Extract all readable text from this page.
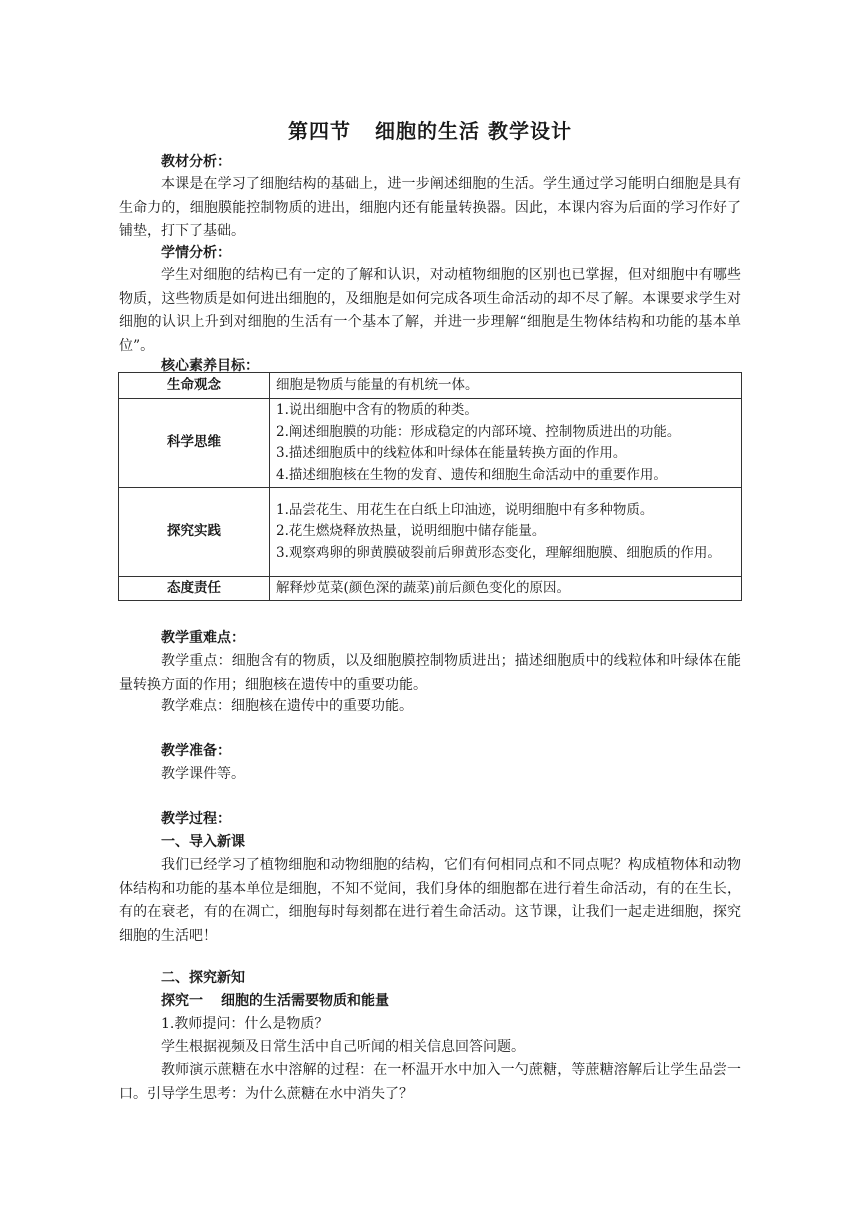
第四节 细胞的生活 教学设计
教材分析：
本课是在学习了细胞结构的基础上，进一步阐述细胞的生活。学生通过学习能明白细胞是具有生命力的，细胞膜能控制物质的进出，细胞内还有能量转换器。因此，本课内容为后面的学习作好了铺垫，打下了基础。
学情分析：
学生对细胞的结构已有一定的了解和认识，对动植物细胞的区别也已掌握，但对细胞中有哪些物质，这些物质是如何进出细胞的，及细胞是如何完成各项生命活动的却不尽了解。本课要求学生对细胞的认识上升到对细胞的生活有一个基本了解，并进一步理解“细胞是生物体结构和功能的基本单位”。
核心素养目标：
生命观念	细胞是物质与能量的有机统一体。

科学思维	1.说出细胞中含有的物质的种类。
2.阐述细胞膜的功能：形成稳定的内部环境、控制物质进出的功能。
3.描述细胞质中的线粒体和叶绿体在能量转换方面的作用。
4.描述细胞核在生物的发育、遗传和细胞生命活动中的重要作用。

探究实践	1.品尝花生、用花生在白纸上印油迹，说明细胞中有多种物质。
2.花生燃烧释放热量，说明细胞中储存能量。
3.观察鸡卵的卵黄膜破裂前后卵黄形态变化，理解细胞膜、细胞质的作用。

态度责任	解释炒苋菜(颜色深的蔬菜)前后颜色变化的原因。
教学重难点：
教学重点：细胞含有的物质，以及细胞膜控制物质进出；描述细胞质中的线粒体和叶绿体在能量转换方面的作用；细胞核在遗传中的重要功能。
教学难点：细胞核在遗传中的重要功能。
教学准备：
教学课件等。
教学过程：
一、导入新课
我们已经学习了植物细胞和动物细胞的结构，它们有何相同点和不同点呢？构成植物体和动物体结构和功能的基本单位是细胞，不知不觉间，我们身体的细胞都在进行着生命活动，有的在生长，有的在衰老，有的在凋亡，细胞每时每刻都在进行着生命活动。这节课，让我们一起走进细胞，探究细胞的生活吧！
二、探究新知
探究一 细胞的生活需要物质和能量
1.教师提问：什么是物质？
学生根据视频及日常生活中自己听闻的相关信息回答问题。
教师演示蔗糖在水中溶解的过程：在一杯温开水中加入一勺蔗糖，等蔗糖溶解后让学生品尝一口。引导学生思考：为什么蔗糖在水中消失了？
